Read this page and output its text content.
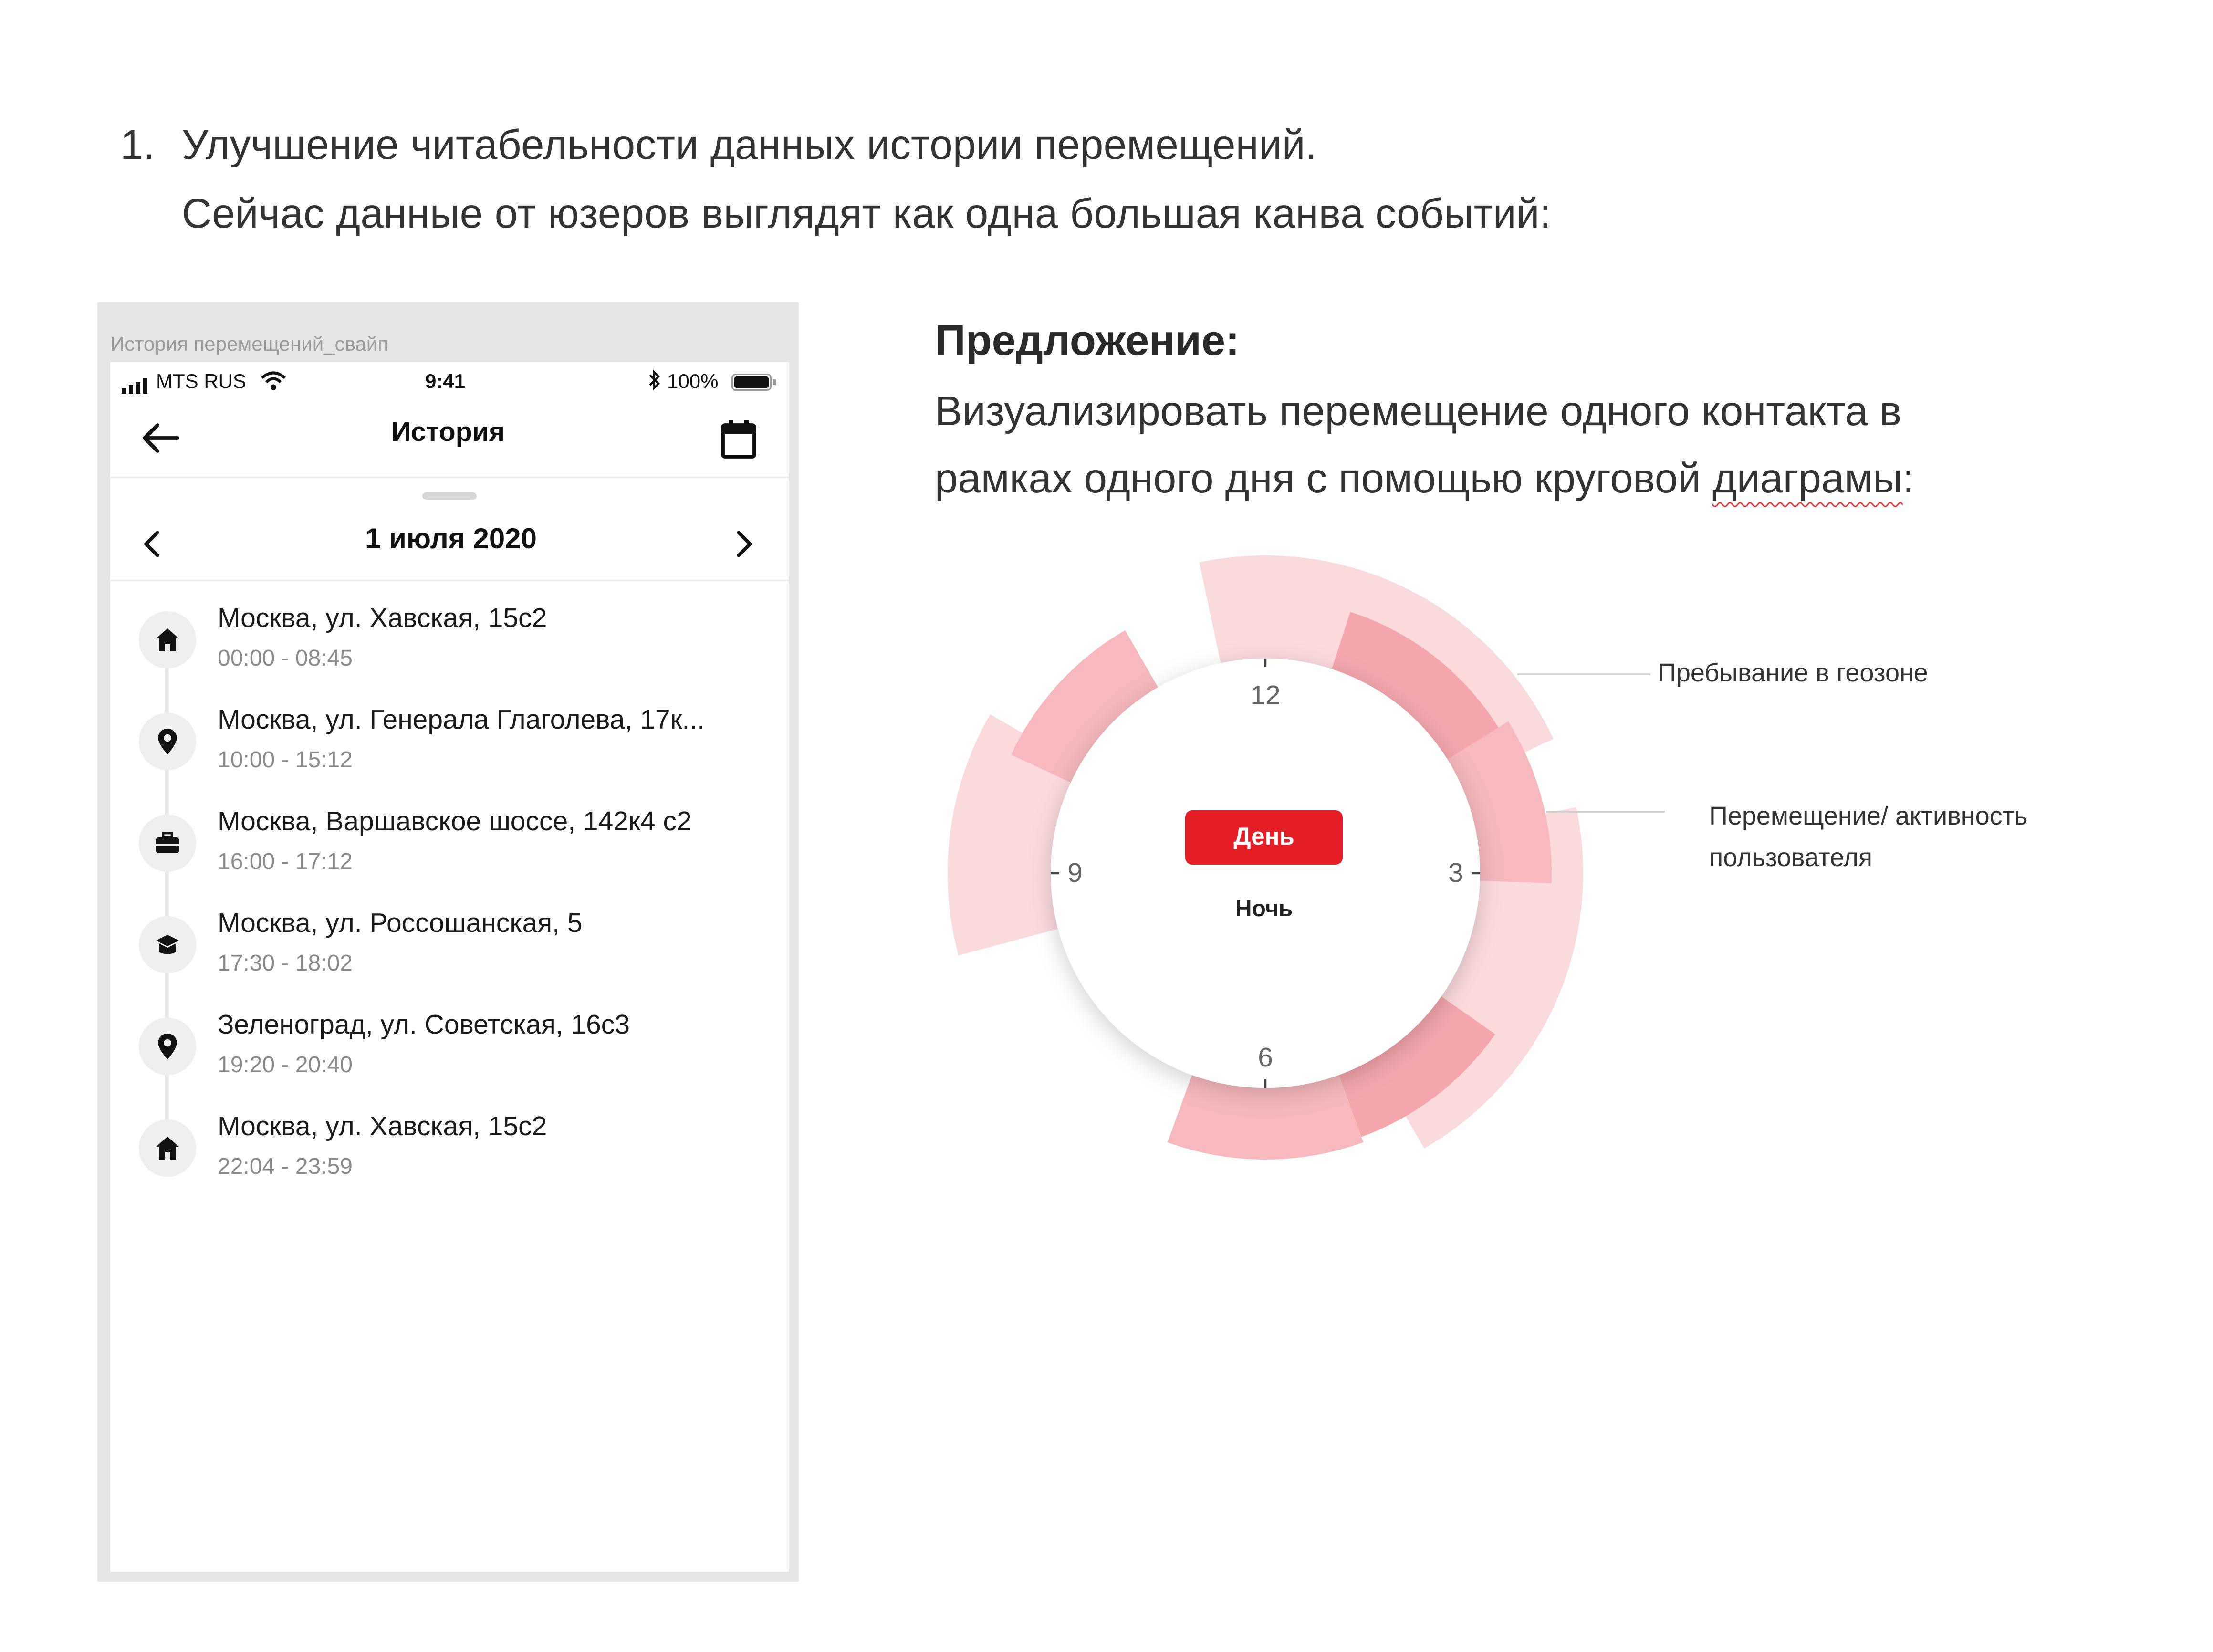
1. Улучшение читабельности данных истории перемещений.
Сейчас данные от юзеров выглядят как одна большая канва событий:
История перемещений_свайп
MTS RUS	9:41	100%
История
1 июля 2020
Москва, ул. Хавская, 15с2
00:00 - 08:45
Москва, ул. Генерала Глаголева, 17к...
10:00 - 15:12
Москва, Варшавское шоссе, 142к4 с2
16:00 - 17:12
Москва, ул. Россошанская, 5
17:30 - 18:02
Зеленоград, ул. Советская, 16с3
19:20 - 20:40
Москва, ул. Хавская, 15с2
22:04 - 23:59
Предложение:
Визуализировать перемещение одного контакта в
рамках одного дня с помощью круговой диаграмы:
12
3
6
9
День
Ночь
Пребывание в геозоне
Перемещение/ активность
пользователя
